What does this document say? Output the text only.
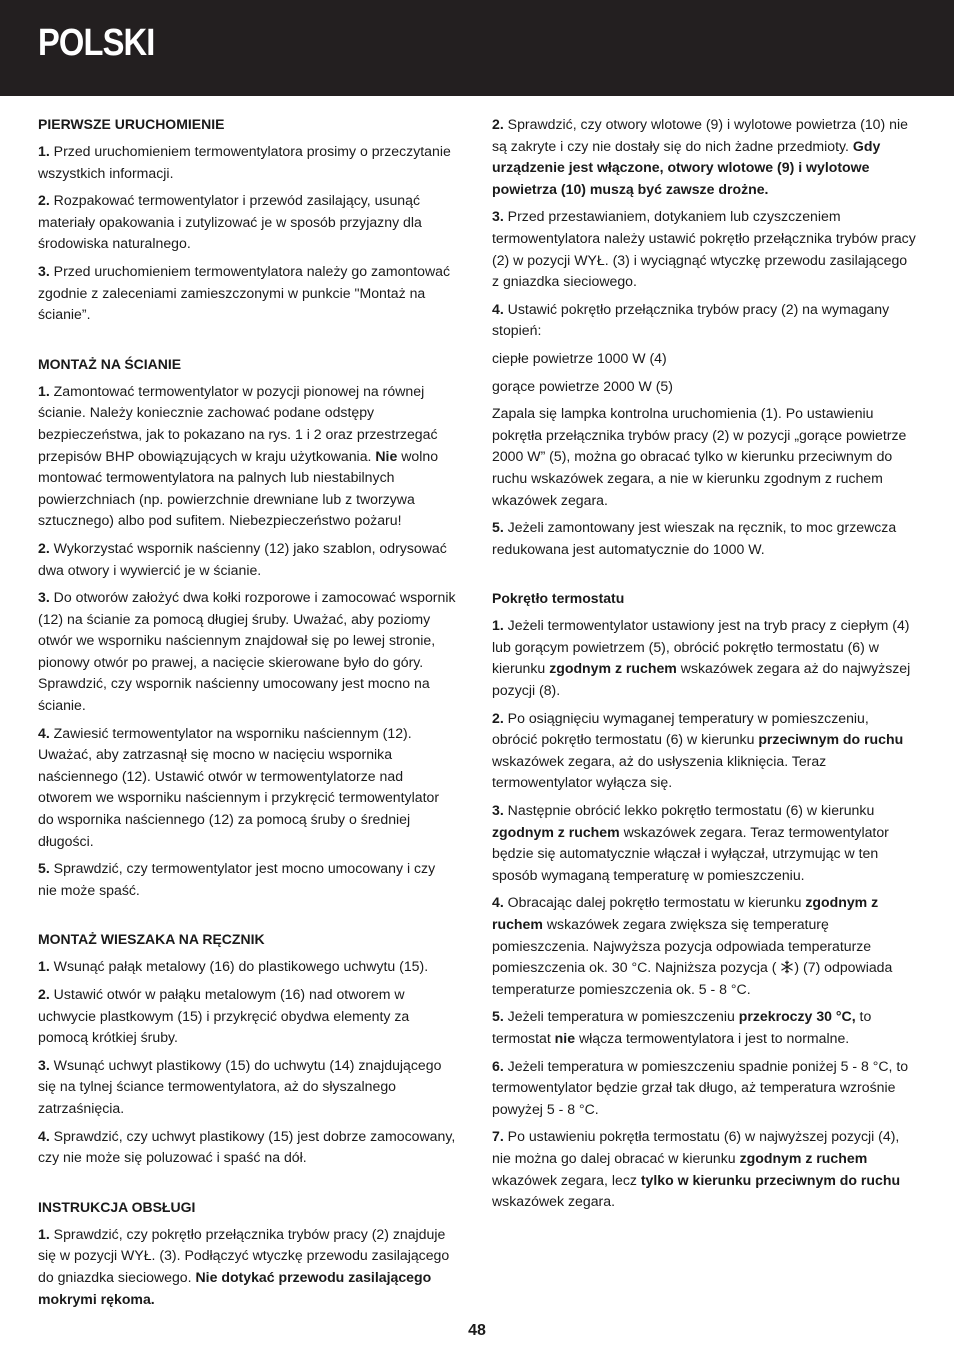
POLSKI
PIERWSZE URUCHOMIENIE

1. Przed uruchomieniem termowentylatora prosimy o przeczytanie wszystkich informacji.

2. Rozpakować termowentylator i przewód zasilający, usunąć materiały opakowania i zutylizować je w sposób przyjazny dla środowiska naturalnego.

3. Przed uruchomieniem termowentylatora należy go zamontować zgodnie z zaleceniami zamieszczonymi w punkcie "Montaż na ścianie”.

MONTAŻ NA ŚCIANIE

1. Zamontować termowentylator w pozycji pionowej na równej ścianie. Należy koniecznie zachować podane odstępy bezpieczeństwa, jak to pokazano na rys. 1 i 2 oraz przestrzegać przepisów BHP obowiązujących w kraju użytkowania. Nie wolno montować termowentylatora na palnych lub niestabilnych powierzchniach (np. powierzchnie drewniane lub z tworzywa sztucznego) albo pod sufitem. Niebezpieczeństwo pożaru!

2. Wykorzystać wspornik naścienny (12) jako szablon, odrysować dwa otwory i wywiercić je w ścianie.

3. Do otworów założyć dwa kołki rozporowe i zamocować wspornik (12) na ścianie za pomocą długiej śruby. Uważać, aby poziomy otwór we wsporniku naściennym znajdował się po lewej stronie, pionowy otwór po prawej, a nacięcie skierowane było do góry. Sprawdzić, czy wspornik naścienny umocowany jest mocno na ścianie.

4. Zawiesić termowentylator na wsporniku naściennym (12). Uważać, aby zatrzasnął się mocno w nacięciu wspornika naściennego (12). Ustawić otwór w termowentylatorze nad otworem we wsporniku naściennym i przykręcić termowentylator do wspornika naściennego (12) za pomocą śruby o średniej długości.

5. Sprawdzić, czy termowentylator jest mocno umocowany i czy nie może spaść.

MONTAŻ WIESZAKA NA RĘCZNIK

1. Wsunąć pałąk metalowy (16) do plastikowego uchwytu (15).

2. Ustawić otwór w pałąku metalowym (16) nad otworem w uchwycie plastkowym (15) i przykręcić obydwa elementy za pomocą krótkiej śruby.

3. Wsunąć uchwyt plastikowy (15) do uchwytu (14) znajdującego się na tylnej ściance termowentylatora, aż do słyszalnego zatrzaśnięcia.

4. Sprawdzić, czy uchwyt plastikowy (15) jest dobrze zamocowany, czy nie może się poluzować i spaść na dół.

INSTRUKCJA OBSŁUGI

1. Sprawdzić, czy pokrętło przełącznika trybów pracy (2) znajduje się w pozycji WYŁ. (3). Podłączyć wtyczkę przewodu zasilającego do gniazdka sieciowego. Nie dotykać przewodu zasilającego mokrymi rękoma.

2. Sprawdzić, czy otwory wlotowe (9) i wylotowe powietrza (10) nie są zakryte i czy nie dostały się do nich żadne przedmioty. Gdy urządzenie jest włączone, otwory wlotowe (9) i wylotowe powietrza (10) muszą być zawsze drożne.

3. Przed przestawianiem, dotykaniem lub czyszczeniem termowentylatora należy ustawić pokrętło przełącznika trybów pracy (2) w pozycji WYŁ. (3) i wyciągnąć wtyczkę przewodu zasilającego z gniazdka sieciowego.

4. Ustawić pokrętło przełącznika trybów pracy (2) na wymagany stopień:

ciepłe powietrze 1000 W (4)

gorące powietrze 2000 W (5)

Zapala się lampka kontrolna uruchomienia (1). Po ustawieniu pokrętła przełącznika trybów pracy (2) w pozycji „gorące powietrze 2000 W” (5), można go obracać tylko w kierunku przeciwnym do ruchu wskazówek zegara, a nie w kierunku zgodnym z ruchem wkazówek zegara.

5. Jeżeli zamontowany jest wieszak na ręcznik, to moc grzewcza redukowana jest automatycznie do 1000 W.

Pokrętło termostatu

1. Jeżeli termowentylator ustawiony jest na tryb pracy z ciepłym (4) lub gorącym powietrzem (5), obrócić pokrętło termostatu (6) w kierunku zgodnym z ruchem wskazówek zegara aż do najwyższej pozycji (8).

2. Po osiągnięciu wymaganej temperatury w pomieszczeniu, obrócić pokrętło termostatu (6) w kierunku przeciwnym do ruchu wskazówek zegara, aż do usłyszenia kliknięcia. Teraz termowentylator wyłącza się.

3. Następnie obrócić lekko pokrętło termostatu (6) w kierunku zgodnym z ruchem wskazówek zegara. Teraz termowentylator będzie się automatycznie włączał i wyłączał, utrzymując w ten sposób wymaganą temperaturę w pomieszczeniu.

4. Obracając dalej pokrętło termostatu w kierunku zgodnym z ruchem wskazówek zegara zwiększa się temperaturę pomieszczenia. Najwyższa pozycja odpowiada temperaturze pomieszczenia ok. 30 °C. Najniższa pozycja ( ) (7) odpowiada temperaturze pomieszczenia ok. 5 - 8 °C.

5. Jeżeli temperatura w pomieszczeniu przekroczy 30 °C, to termostat nie włącza termowentylatora i jest to normalne.

6. Jeżeli temperatura w pomieszczeniu spadnie poniżej 5 - 8 °C, to termowentylator będzie grzał tak długo, aż temperatura wzrośnie powyżej 5 - 8 °C.

7. Po ustawieniu pokrętła termostatu (6) w najwyższej pozycji (4), nie można go dalej obracać w kierunku zgodnym z ruchem wkazówek zegara, lecz tylko w kierunku przeciwnym do ruchu wskazówek zegara.

48
